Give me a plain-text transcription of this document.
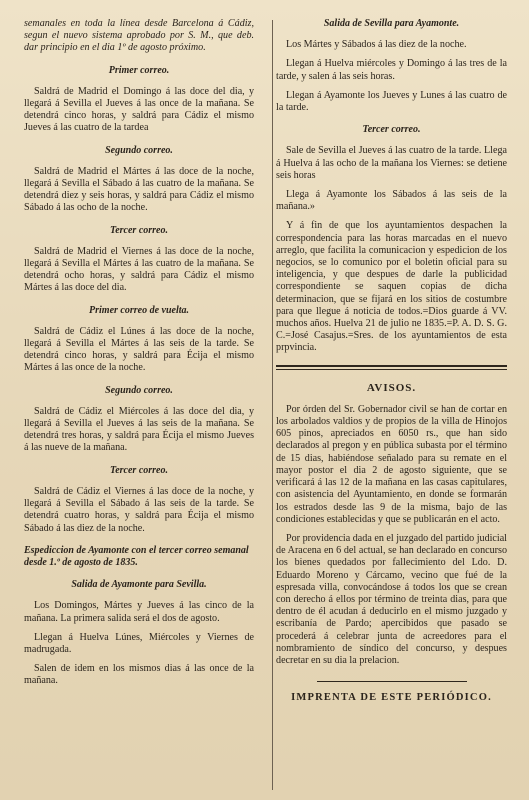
semanales en toda la línea desde Barcelona á Cádiz, segun el nuevo sistema aprobado por S. M., que deb. dar principio en el dia 1º de agosto próximo.

Primer correo.

Saldrá de Madrid el Domingo á las doce del dia, y llegará á Sevilla el Jueves á las once de la mañana. Se detendrá cinco horas, y saldrá para Cádiz el mismo Jueves á las cuatro de la tardea

Segundo correo.

Saldrá de Madrid el Mártes á las doce de la noche, llegará á Sevilla el Sábado á las cuatro de la mañana. Se detendrá diez y seis horas, y saldrá para Cádiz el mismo Sábado á las ocho de la noche.

Tercer correo.

Saldrá de Madrid el Viernes á las doce de la noche, llegará á Sevilla el Mártes á las cuatro de la mañana. Se detendrá ocho horas, y saldrá para Cádiz el mismo Mártes á las doce del dia.

Primer correo de vuelta.

Saldrá de Cádiz el Lúnes á las doce de la noche, llegará á Sevilla el Mártes á las seis de la tarde. Se detendrá cinco horas, y saldrá para Écija el mismo Mártes á las once de la noche.

Segundo correo.

Saldrá de Cádiz el Miércoles á las doce del dia, y llegará á Sevilla el Jueves á las seis de la mañana. Se detendrá tres horas, y saldrá para Écija el mismo Jueves á las nueve de la mañana.

Tercer correo.

Saldrá de Cádiz el Viernes á las doce de la noche, y llegará á Sevilla el Sábado á las seis de la tarde. Se detendrá cuatro horas, y saldrá para Écija el mismo Sábado á las diez de la noche.

Espediccion de Ayamonte con el tercer correo semanal desde 1.º de agosto de 1835.

Salida de Ayamonte para Sevilla.

Los Domingos, Mártes y Jueves á las cinco de la mañana. La primera salida será el dos de agosto.

Llegan á Huelva Lúnes, Miércoles y Viernes de madrugada.

Salen de idem en los mismos dias á las once de la mañana.

Salida de Sevilla para Ayamonte.

Los Mártes y Sábados á las diez de la noche.

Llegan á Huelva miércoles y Domingo á las tres de la tarde, y salen á las seis horas.

Llegan á Ayamonte los Jueves y Lunes á las cuatro de la tarde.

Tercer correo.

Sale de Sevilla el Jueves á las cuatro de la tarde. Llega á Huelva á las ocho de la mañana los Viernes: se detiene seis horas

Llega á Ayamonte los Sábados á las seis de la mañana.»

Y á fin de que los ayuntamientos despachen la correspondencia para las horas marcadas en el nuevo arreglo, que facilita la comunicacion y espedicion de los negocios, se lo comunico por el boletin oficial para su inteligencia, y que despues de darle la publicidad correspondiente se saquen copias de dicha determinacion, que se fijará en los sitios de costumbre para que llegue á noticia de todos.=Dios guarde á VV. muchos años. Huelva 21 de julio ne 1835.=P. A. D. S. G. C.=José Casajus.=Sres. de los ayuntamientos de esta prpvincia.

AVISOS.

Por órden del Sr. Gobernador civil se han de cortar en los arbolados valdios y de propios de la villa de Hinojos 605 pinos, apreciados en 6050 rs., que han sido declarados al pregon y en pública subasta por el término de 15 dias, habiéndose señalado para su remate en el mayor postor el dia 2 de agosto siguiente, que se verificará á las 12 de la mañana en las casas capitulares, con asistencia del Ayuntamiento, en donde se formarán los estrados desde las 9 de la misma, bajo de las condiciones establecidas y que se publicarán en el acto.

Por providencia dada en el juzgado del partido judicial de Aracena en 6 del actual, se han declarado en concurso los bienes quedados por fallecimiento del Ldo. D. Eduardo Moreno y Cárcamo, vecino que fué de la espresada villa, convocándose á todos los que se crean con derecho á ellos por término de treinta dias, para que dentro de él acudan á deducirlo en el mismo juzgado y escribanía de Pardo; apercibidos que pasado se procederá á celebrar junta de acreedores para el nombramiento de síndico del concurso, y despues decretar en su dia la prelacion.

IMPRENTA DE ESTE PERIÓDICO.
